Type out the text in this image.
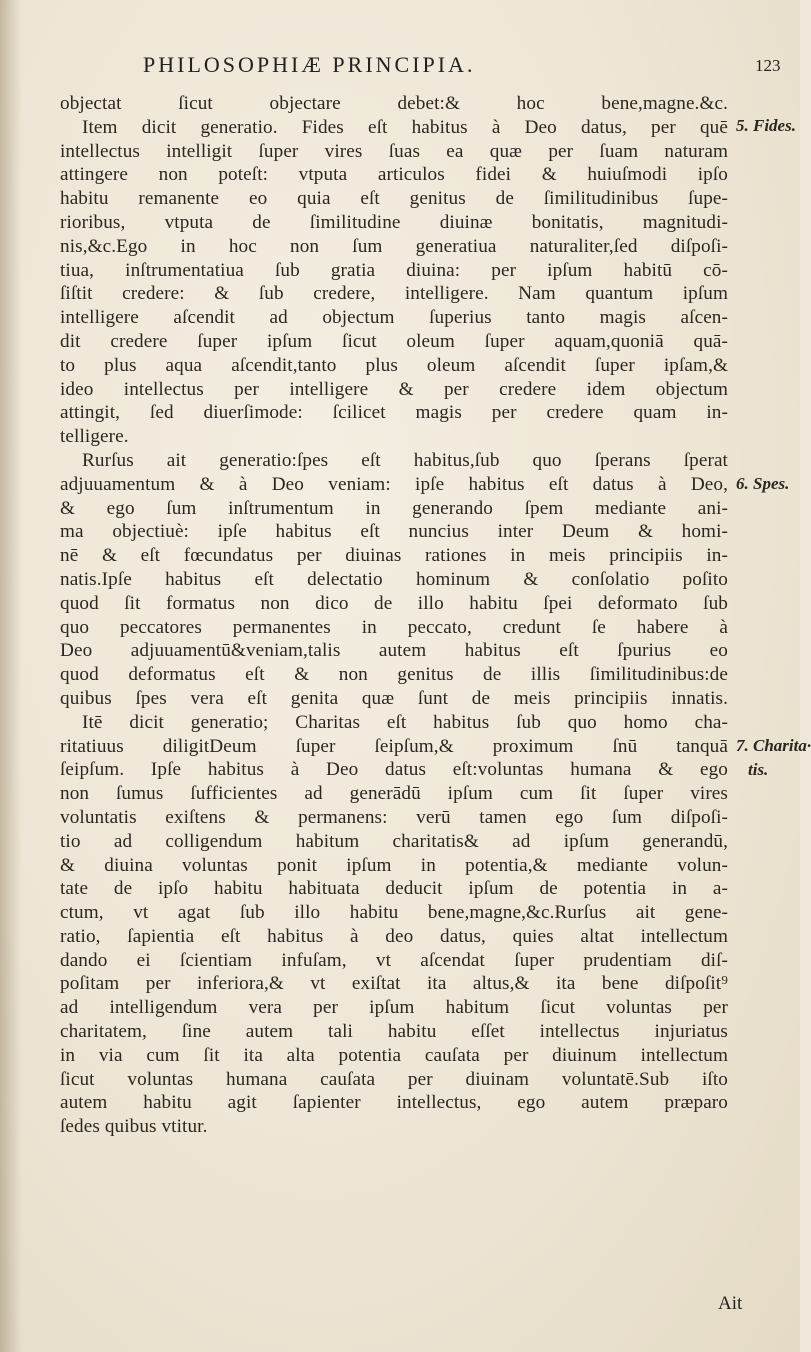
PHILOSOPHIÆ PRINCIPIA.	123
objectat ſicut objectare debet:& hoc bene,magne.&c.
Item dicit generatio. Fides eſt habitus à Deo datus, per quē
intellectus intelligit ſuper vires ſuas ea quæ per ſuam naturam
attingere non poteſt: vtputa articulos fidei & huiuſmodi ipſo
habitu remanente eo quia eſt genitus de ſimilitudinibus ſupe-
rioribus, vtputa de ſimilitudine diuinæ bonitatis, magnitudi-
nis,&c.Ego in hoc non ſum generatiua naturaliter,ſed diſpoſi-
tiua, inſtrumentatiua ſub gratia diuina: per ipſum habitū cō-
ſiſtit credere: & ſub credere, intelligere. Nam quantum ipſum
intelligere aſcendit ad objectum ſuperius tanto magis aſcen-
dit credere ſuper ipſum ſicut oleum ſuper aquam,quoniā quā-
to plus aqua aſcendit,tanto plus oleum aſcendit ſuper ipſam,&
ideo intellectus per intelligere & per credere idem objectum
attingit, ſed diuerſimode: ſcilicet magis per credere quam in-
telligere.
Rurſus ait generatio:ſpes eſt habitus,ſub quo ſperans ſperat
adjuuamentum & à Deo veniam: ipſe habitus eſt datus à Deo,
& ego ſum inſtrumentum in generando ſpem mediante ani-
ma objectiuè: ipſe habitus eſt nuncius inter Deum & homi-
nē & eſt fœcundatus per diuinas rationes in meis principiis in-
natis.Ipſe habitus eſt delectatio hominum & conſolatio poſito
quod ſit formatus non dico de illo habitu ſpei deformato ſub
quo peccatores permanentes in peccato, credunt ſe habere à
Deo adjuuamentū&veniam,talis autem habitus eſt ſpurius eo
quod deformatus eſt & non genitus de illis ſimilitudinibus:de
quibus ſpes vera eſt genita quæ ſunt de meis principiis innatis.
Itē dicit generatio; Charitas eſt habitus ſub quo homo cha-
ritatiuus diligitDeum ſuper ſeipſum,& proximum ſnū tanquā
ſeipſum. Ipſe habitus à Deo datus eſt:voluntas humana & ego
non ſumus ſufficientes ad generādū ipſum cum ſit ſuper vires
voluntatis exiſtens & permanens: verū tamen ego ſum diſpoſi-
tio ad colligendum habitum charitatis& ad ipſum generandū,
& diuina voluntas ponit ipſum in potentia,& mediante volun-
tate de ipſo habitu habituata deducit ipſum de potentia in a-
ctum, vt agat ſub illo habitu bene,magne,&c.Rurſus ait gene-
ratio, ſapientia eſt habitus à deo datus, quies altat intellectum
dando ei ſcientiam infuſam, vt aſcendat ſuper prudentiam diſ-
poſitam per inferiora,& vt exiſtat ita altus,& ita bene diſpoſit⁹
ad intelligendum vera per ipſum habitum ſicut voluntas per
charitatem, ſine autem tali habitu eſſet intellectus injuriatus
in via cum ſit ita alta potentia cauſata per diuinum intellectum
ſicut voluntas humana cauſata per diuinam voluntatē.Sub iſto
autem habitu agit ſapienter intellectus, ego autem præparo
ſedes quibus vtitur.
5. Fides.
6. Spes.
7. Charita·
tis.
Ait
